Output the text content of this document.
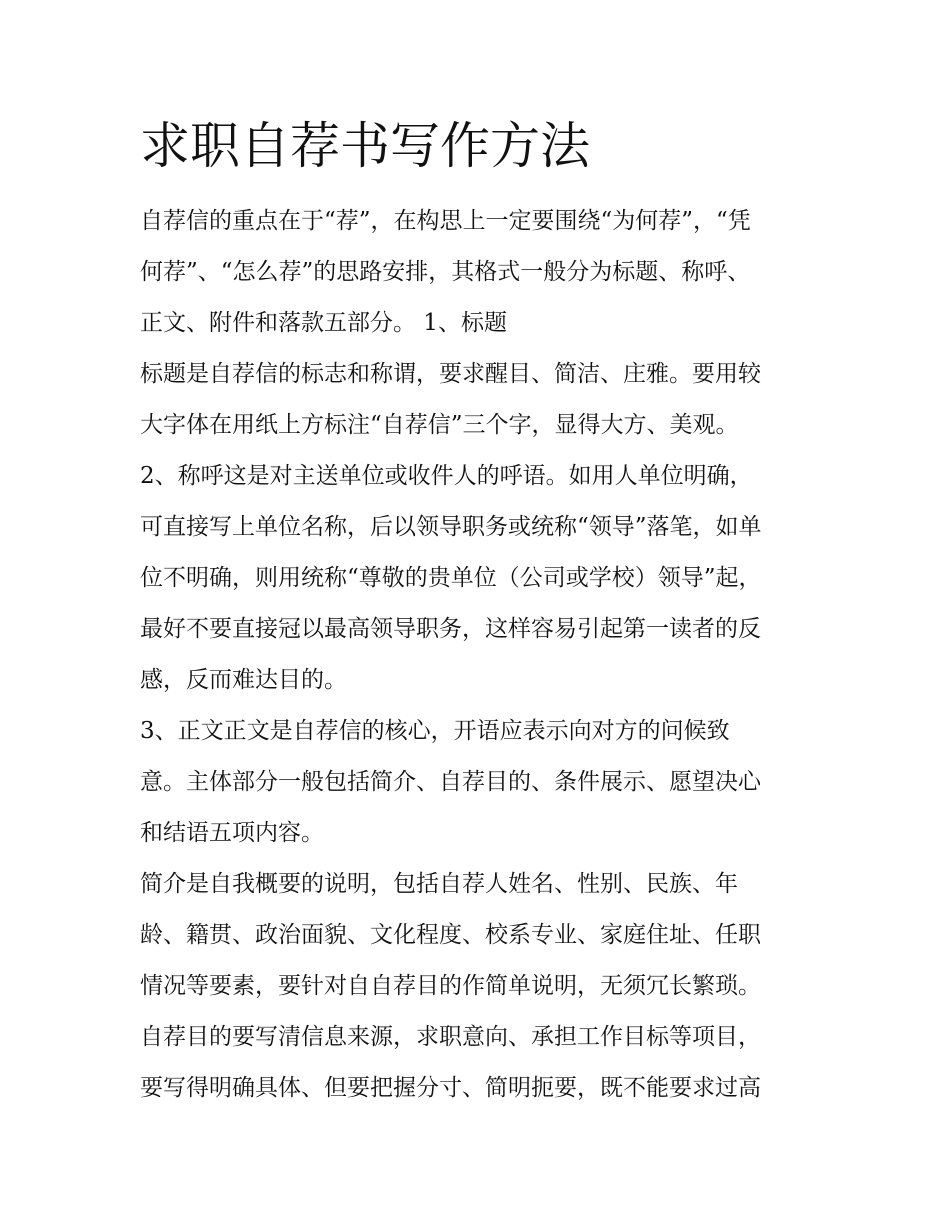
求职自荐书写作方法
自荐信的重点在于“荐”，在构思上一定要围绕“为何荐”，“凭
何荐”、“怎么荐”的思路安排，其格式一般分为标题、称呼、
正文、附件和落款五部分。 1、标题
标题是自荐信的标志和称谓，要求醒目、简洁、庄雅。要用较
大字体在用纸上方标注“自荐信”三个字，显得大方、美观。
2、称呼这是对主送单位或收件人的呼语。如用人单位明确，
可直接写上单位名称，后以领导职务或统称“领导”落笔，如单
位不明确，则用统称“尊敬的贵单位（公司或学校）领导”起，
最好不要直接冠以最高领导职务，这样容易引起第一读者的反
感，反而难达目的。
3、正文正文是自荐信的核心，开语应表示向对方的问候致
意。主体部分一般包括简介、自荐目的、条件展示、愿望决心
和结语五项内容。
简介是自我概要的说明，包括自荐人姓名、性别、民族、年
龄、籍贯、政治面貌、文化程度、校系专业、家庭住址、任职
情况等要素，要针对自自荐目的作简单说明，无须冗长繁琐。
自荐目的要写清信息来源，求职意向、承担工作目标等项目，
要写得明确具体、但要把握分寸、简明扼要，既不能要求过高
